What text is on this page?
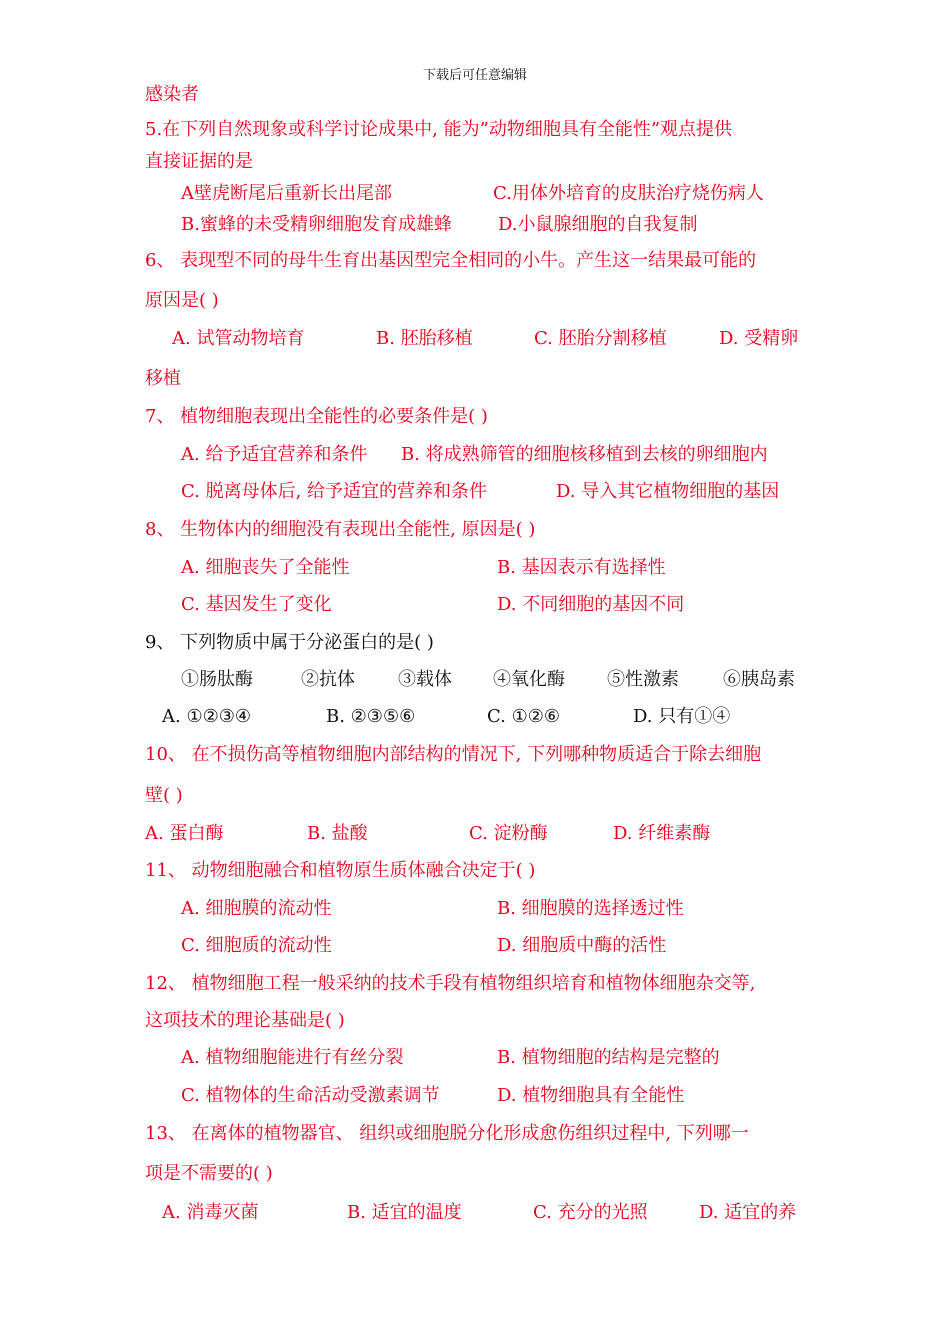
下载后可任意编辑
感染者
5.在下列自然现象或科学讨论成果中, 能为”动物细胞具有全能性”观点提供
直接证据的是
A壁虎断尾后重新长出尾部	C.用体外培育的皮肤治疗烧伤病人
B.蜜蜂的未受精卵细胞发育成雄蜂	D.小鼠腺细胞的自我复制
6、 表现型不同的母牛生育出基因型完全相同的小牛。产生这一结果最可能的
原因是( )
A. 试管动物培育	B. 胚胎移植	C. 胚胎分割移植	D. 受精卵
移植
7、 植物细胞表现出全能性的必要条件是( )
A. 给予适宜营养和条件 B. 将成熟筛管的细胞核移植到去核的卵细胞内
C. 脱离母体后, 给予适宜的营养和条件	D. 导入其它植物细胞的基因
8、 生物体内的细胞没有表现出全能性, 原因是( )
A. 细胞丧失了全能性	B. 基因表示有选择性
C. 基因发生了变化	D. 不同细胞的基因不同
9、 下列物质中属于分泌蛋白的是( )
①肠肽酶	②抗体 ③载体 ④氧化酶 ⑤性激素 ⑥胰岛素
A. ①②③④	B. ②③⑤⑥	C. ①②⑥	D. 只有①④
10、 在不损伤高等植物细胞内部结构的情况下, 下列哪种物质适合于除去细胞
壁( )
A. 蛋白酶	B. 盐酸	C. 淀粉酶	D. 纤维素酶
11、 动物细胞融合和植物原生质体融合决定于( )
A. 细胞膜的流动性	B. 细胞膜的选择透过性
C. 细胞质的流动性	D. 细胞质中酶的活性
12、 植物细胞工程一般采纳的技术手段有植物组织培育和植物体细胞杂交等,
这项技术的理论基础是( )
A. 植物细胞能进行有丝分裂	B. 植物细胞的结构是完整的
C. 植物体的生命活动受激素调节	D. 植物细胞具有全能性
13、 在离体的植物器官、 组织或细胞脱分化形成愈伤组织过程中, 下列哪一
项是不需要的( )
A. 消毒灭菌	B. 适宜的温度	C. 充分的光照	D. 适宜的养
